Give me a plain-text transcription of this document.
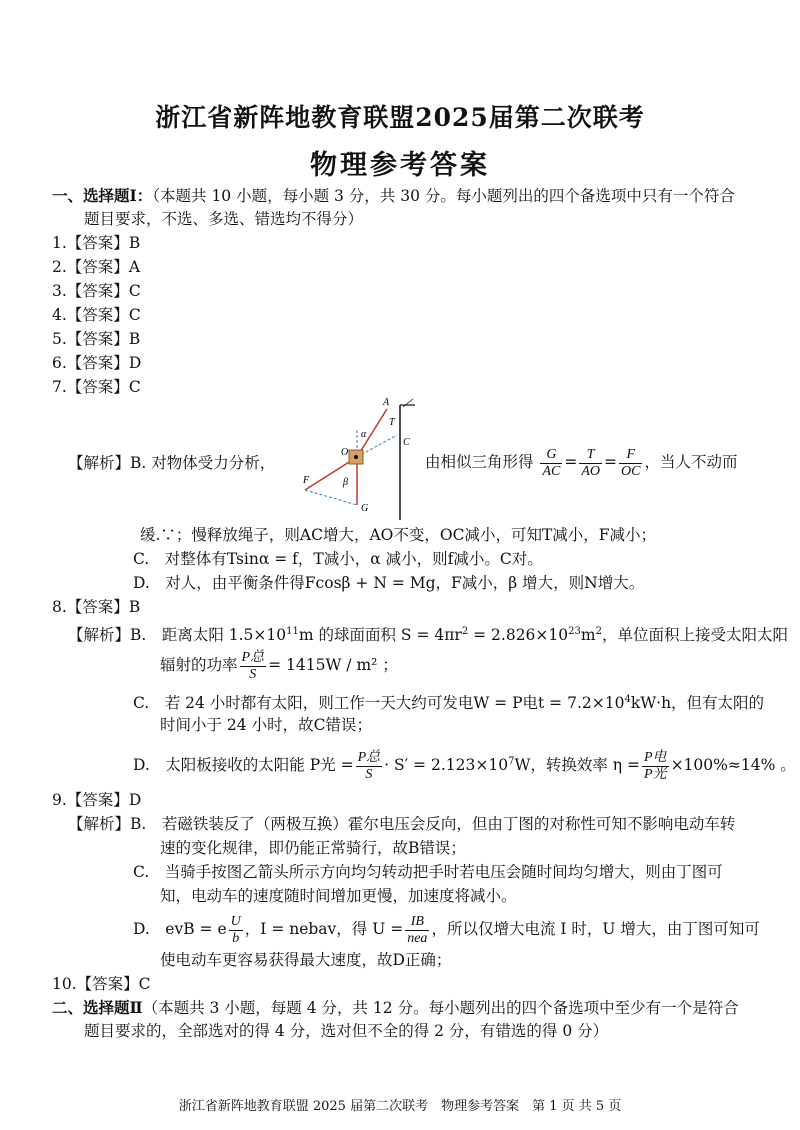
浙江省新阵地教育联盟2025届第二次联考
物理参考答案
一、选择题Ⅰ：（本题共 10 小题，每小题 3 分，共 30 分。每小题列出的四个备选项中只有一个符合
题目要求，不选、多选、错选均不得分）
1.【答案】B
2.【答案】A
3.【答案】C
4.【答案】C
5.【答案】B
6.【答案】D
7.【答案】C
A
T
α
C
O
F	β
G
【解析】B. 对物体受力分析，	由相似三角形得 $\frac{G}{AC} = \frac{T}{AO} = \frac{F}{OC}$ ，当人不动而
缓.∵；慢释放绳子，则AC增大，AO不变，OC减小，可知T减小，F减小；
C.　对整体有Tsinα = f，T减小，α 减小，则f减小。C对。
D.　对人，由平衡条件得Fcosβ + N = Mg，F减小，β 增大，则N增大。
8.【答案】B
【解析】B.　距离太阳 $1.5\times 10^{11}m$ 的球面面积 $S = 4\pi r^2 = 2.826\times 10^{23}m^2$，单位面积上接受太阳太阳
辐射的功率 $\frac{\text{P总}}{S} = 1415W / m^2$ ；
C.　若 24 小时都有太阳，则工作一天大约可发电W = P电$t = 7.2\times 10^4kW\cdot h$，但有太阳的
时间小于 24 小时，故C错误；
D.　太阳板接收的太阳能 P光 = $\frac{\text{P总}}{S} \cdot S' = 2.123\times 10^7W$，转换效率 $\eta = \frac{\text{P电}}{\text{P光}} \times 100\%\approx 14\%$ 。
9.【答案】D
【解析】B.　若磁铁装反了（两极互换）霍尔电压会反向，但由丁图的对称性可知不影响电动车转
速的变化规律，即仍能正常骑行，故B错误；
C.　当骑手按图乙箭头所示方向均匀转动把手时若电压会随时间均匀增大，则由丁图可
知，电动车的速度随时间增加更慢，加速度将减小。
D.　evB = e $\frac{U}{b}$ ，I = nebav，得 $U = \frac{IB}{\text{nea}}$ ，所以仅增大电流 I 时，U 增大，由丁图可知可
使电动车更容易获得最大速度，故D正确；
10.【答案】C
二、选择题Ⅱ（本题共 3 小题，每题 4 分，共 12 分。每小题列出的四个备选项中至少有一个是符合
题目要求的，全部选对的得 4 分，选对但不全的得 2 分，有错选的得 0 分）
浙江省新阵地教育联盟 2025 届第二次联考　物理参考答案　第 1 页 共 5 页
